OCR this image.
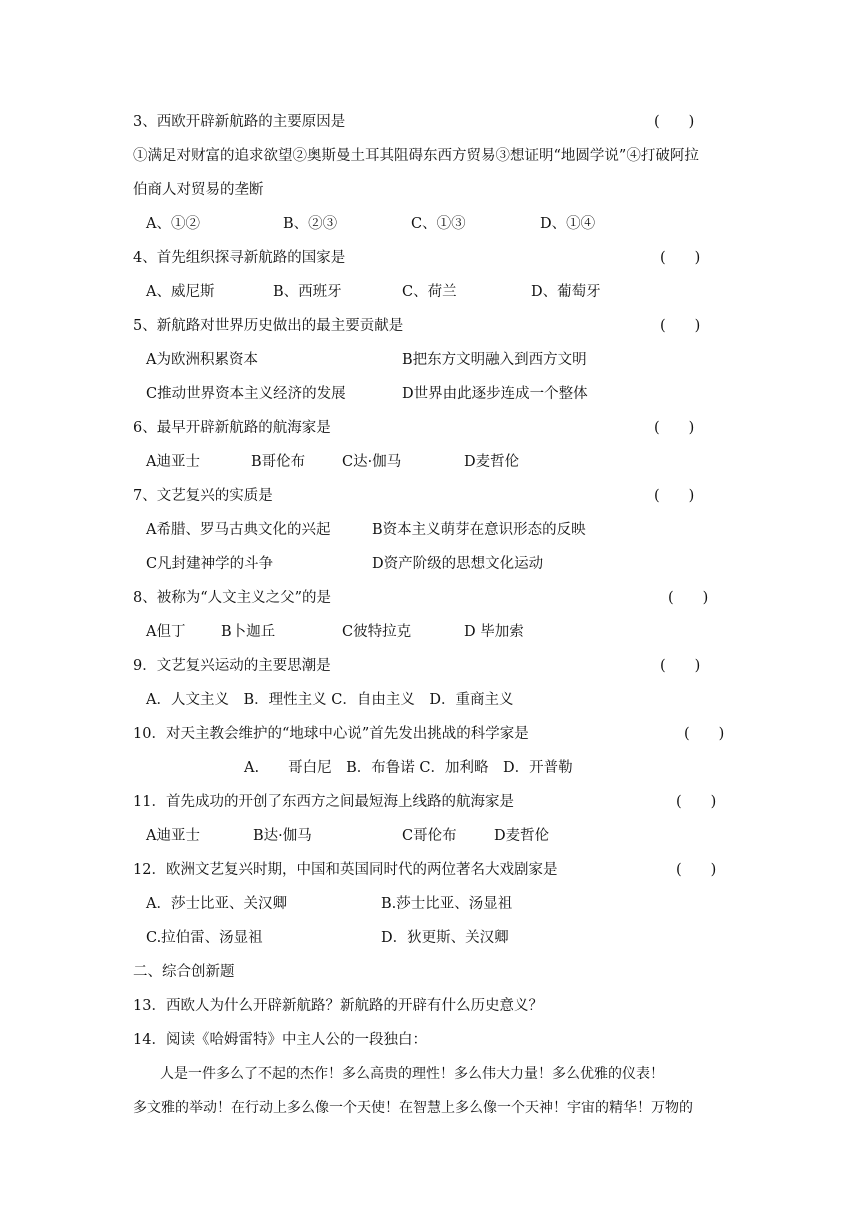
3、西欧开辟新航路的主要原因是	(　　)
①满足对财富的追求欲望②奥斯曼土耳其阻碍东西方贸易③想证明“地圆学说”④打破阿拉
伯商人对贸易的垄断
A、①②	B、②③	C、①③	D、①④
4、首先组织探寻新航路的国家是	(　　)
A、威尼斯	B、西班牙	C、荷兰	D、葡萄牙
5、新航路对世界历史做出的最主要贡献是	(　　)
A为欧洲积累资本	B把东方文明融入到西方文明
C推动世界资本主义经济的发展	D世界由此逐步连成一个整体
6、最早开辟新航路的航海家是	(　　)
A迪亚士	B哥伦布	C达·伽马	D麦哲伦
7、文艺复兴的实质是	(　　)
A希腊、罗马古典文化的兴起	B资本主义萌芽在意识形态的反映
C凡封建神学的斗争	D资产阶级的思想文化运动
8、被称为“人文主义之父”的是	(　　)
A但丁 B卜迦丘	C彼特拉克	D 毕加索
9．文艺复兴运动的主要思潮是	(　　)
A．人文主义　B．理性主义 C．自由主义　D．重商主义
10．对天主教会维护的“地球中心说”首先发出挑战的科学家是	(　　)
A.　　哥白尼　B．布鲁诺 C．加利略　D．开普勒
11．首先成功的开创了东西方之间最短海上线路的航海家是	(　　)
A迪亚士	B达·伽马	C哥伦布	D麦哲伦
12．欧洲文艺复兴时期，中国和英国同时代的两位著名大戏剧家是	(　　)
A．莎士比亚、关汉卿	B.莎士比亚、汤显祖
C.拉伯雷、汤显祖	D．狄更斯、关汉卿
二、综合创新题
13．西欧人为什么开辟新航路？新航路的开辟有什么历史意义？
14．阅读《哈姆雷特》中主人公的一段独白：
人是一件多么了不起的杰作！多么高贵的理性！多么伟大力量！多么优雅的仪表！
多文雅的举动！在行动上多么像一个天使！在智慧上多么像一个天神！宇宙的精华！万物的
